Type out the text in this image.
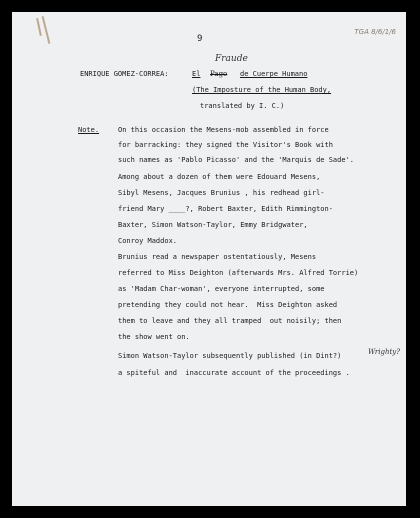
TGA 8/6/1/6
9
Fraude
ENRIQUE GOMEZ-CORREA:	El Pago de Cuerpe Humano
(The Imposture of the Human Body,
translated by I. C.)
Note.	On this occasion the Mesens-mob assembled in force
for barracking: they signed the Visitor's Book with
such names as 'Pablo Picasso' and the 'Marquis de Sade'.
Among about a dozen of them were Edouard Mesens,
Sibyl Mesens, Jacques Brunius , his redhead girl-
friend Mary ____?, Robert Baxter, Edith Rimmington-
Baxter, Simon Watson-Taylor, Emmy Bridgwater,
Conroy Maddox.
Brunius read a newspaper ostentatiously, Mesens
referred to Miss Deighton (afterwards Mrs. Alfred Torrie)
as 'Madam Char-woman', everyone interrupted, some
pretending they could not hear.  Miss Deighton asked
them to leave and they all tramped  out noisily; then
the show went on.
Simon Watson-Taylor subsequently published (in Dint?)
a spiteful and  inaccurate account of the proceedings .
Wrighty?
